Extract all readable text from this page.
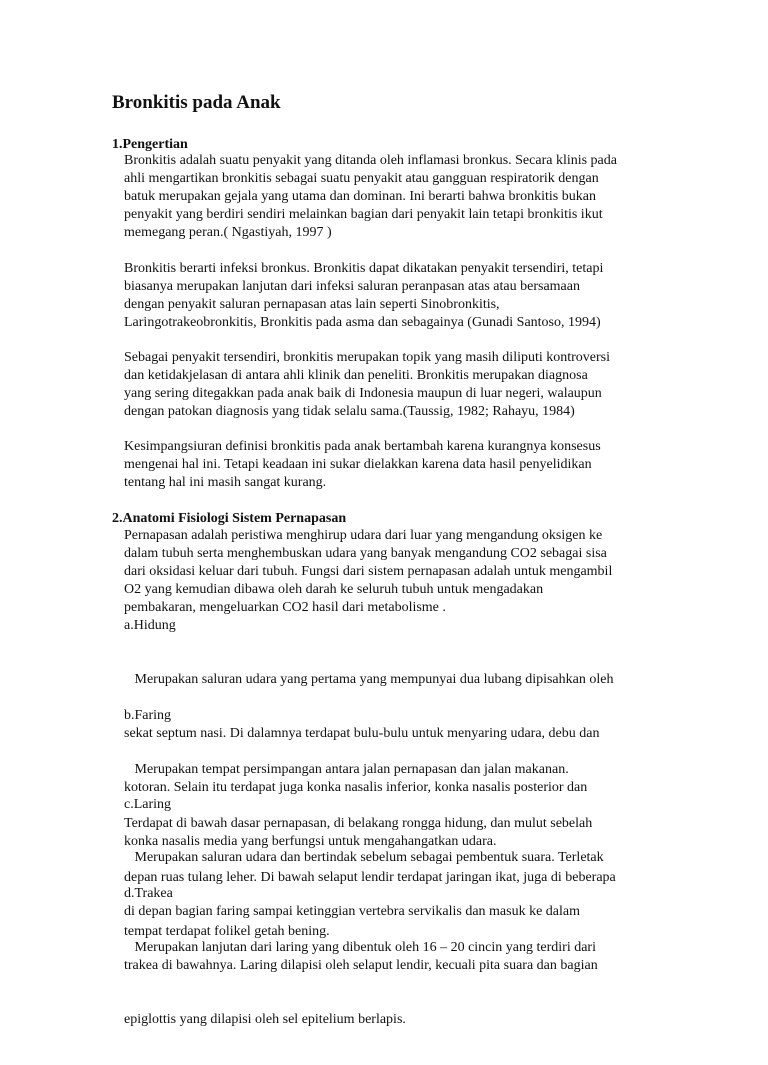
Bronkitis pada Anak
1.Pengertian
Bronkitis adalah suatu penyakit yang ditanda oleh inflamasi bronkus. Secara klinis pada
ahli mengartikan bronkitis sebagai suatu penyakit atau gangguan respiratorik dengan
batuk merupakan gejala yang utama dan dominan. Ini berarti bahwa bronkitis bukan
penyakit yang berdiri sendiri melainkan bagian dari penyakit lain tetapi bronkitis ikut
memegang peran.( Ngastiyah, 1997 )
Bronkitis berarti infeksi bronkus. Bronkitis dapat dikatakan penyakit tersendiri, tetapi
biasanya merupakan lanjutan dari infeksi saluran peranpasan atas atau bersamaan
dengan penyakit saluran pernapasan atas lain seperti Sinobronkitis,
Laringotrakeobronkitis, Bronkitis pada asma dan sebagainya (Gunadi Santoso, 1994)
Sebagai penyakit tersendiri, bronkitis merupakan topik yang masih diliputi kontroversi
dan ketidakjelasan di antara ahli klinik dan peneliti. Bronkitis merupakan diagnosa
yang sering ditegakkan pada anak baik di Indonesia maupun di luar negeri, walaupun
dengan patokan diagnosis yang tidak selalu sama.(Taussig, 1982; Rahayu, 1984)
Kesimpangsiuran definisi bronkitis pada anak bertambah karena kurangnya konsesus
mengenai hal ini. Tetapi keadaan ini sukar dielakkan karena data hasil penyelidikan
tentang hal ini masih sangat kurang.
2.Anatomi Fisiologi Sistem Pernapasan
Pernapasan adalah peristiwa menghirup udara dari luar yang mengandung oksigen ke
dalam tubuh serta menghembuskan udara yang banyak mengandung CO2 sebagai sisa
dari oksidasi keluar dari tubuh. Fungsi dari sistem pernapasan adalah untuk mengambil
O2 yang kemudian dibawa oleh darah ke seluruh tubuh untuk mengadakan
pembakaran, mengeluarkan CO2 hasil dari metabolisme .
a.Hidung

Merupakan saluran udara yang pertama yang mempunyai dua lubang dipisahkan oleh

sekat septum nasi. Di dalamnya terdapat bulu-bulu untuk menyaring udara, debu dan

kotoran. Selain itu terdapat juga konka nasalis inferior, konka nasalis posterior dan

konka nasalis media yang berfungsi untuk mengahangatkan udara.

b.Faring

Merupakan tempat persimpangan antara jalan pernapasan dan jalan makanan.

Terdapat di bawah dasar pernapasan, di belakang rongga hidung, dan mulut sebelah

depan ruas tulang leher. Di bawah selaput lendir terdapat jaringan ikat, juga di beberapa

tempat terdapat folikel getah bening.

c.Laring

Merupakan saluran udara dan bertindak sebelum sebagai pembentuk suara. Terletak

di depan bagian faring sampai ketinggian vertebra servikalis dan masuk ke dalam

trakea di bawahnya. Laring dilapisi oleh selaput lendir, kecuali pita suara dan bagian

epiglottis yang dilapisi oleh sel epitelium berlapis.

d.Trakea

Merupakan lanjutan dari laring yang dibentuk oleh 16 – 20 cincin yang terdiri dari
